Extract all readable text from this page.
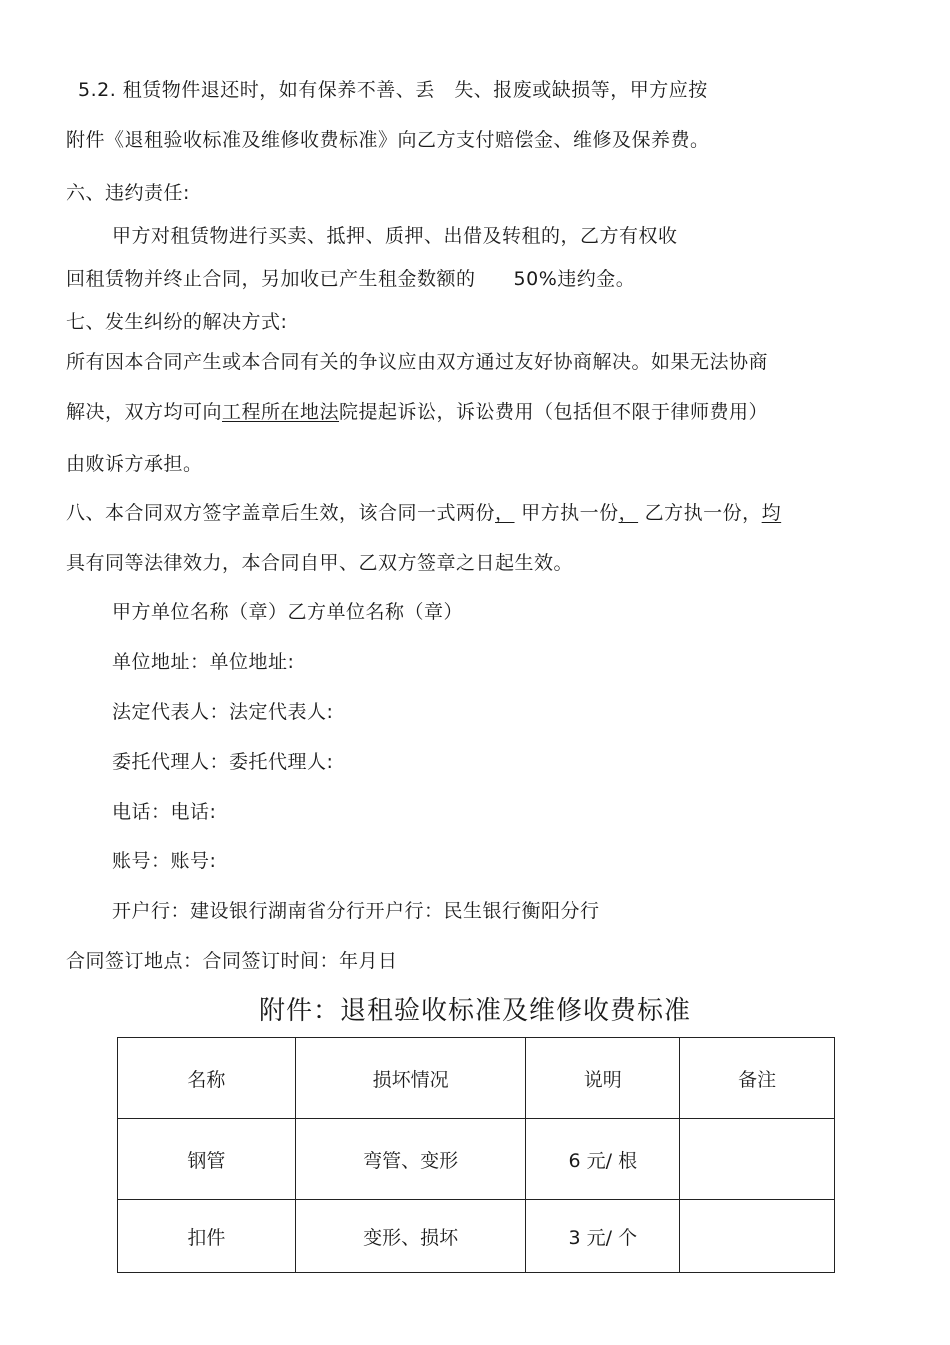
5.2. 租赁物件退还时，如有保养不善、丢　失、报废或缺损等，甲方应按
附件《退租验收标准及维修收费标准》向乙方支付赔偿金、维修及保养费。
六、违约责任:
甲方对租赁物进行买卖、抵押、质押、出借及转租的，乙方有权收
回租赁物并终止合同，另加收已产生租金数额的 50%违约金。
七、发生纠纷的解决方式:
所有因本合同产生或本合同有关的争议应由双方通过友好协商解决。如果无法协商
解决，双方均可向工程所在地法院提起诉讼，诉讼费用（包括但不限于律师费用）
由败诉方承担。
八、本合同双方签字盖章后生效，该合同一式两份， 甲方执一份， 乙方执一份，均
具有同等法律效力，本合同自甲、乙双方签章之日起生效。
甲方单位名称（章）乙方单位名称（章）
单位地址：单位地址:
法定代表人：法定代表人:
委托代理人：委托代理人:
电话：电话:
账号：账号:
开户行：建设银行湖南省分行开户行：民生银行衡阳分行
合同签订地点：合同签订时间：年月日
附件：退租验收标准及维修收费标准
名称	损坏情况	说明	备注
钢管	弯管、变形	6 元/ 根	
扣件	变形、损坏	3 元/ 个	
